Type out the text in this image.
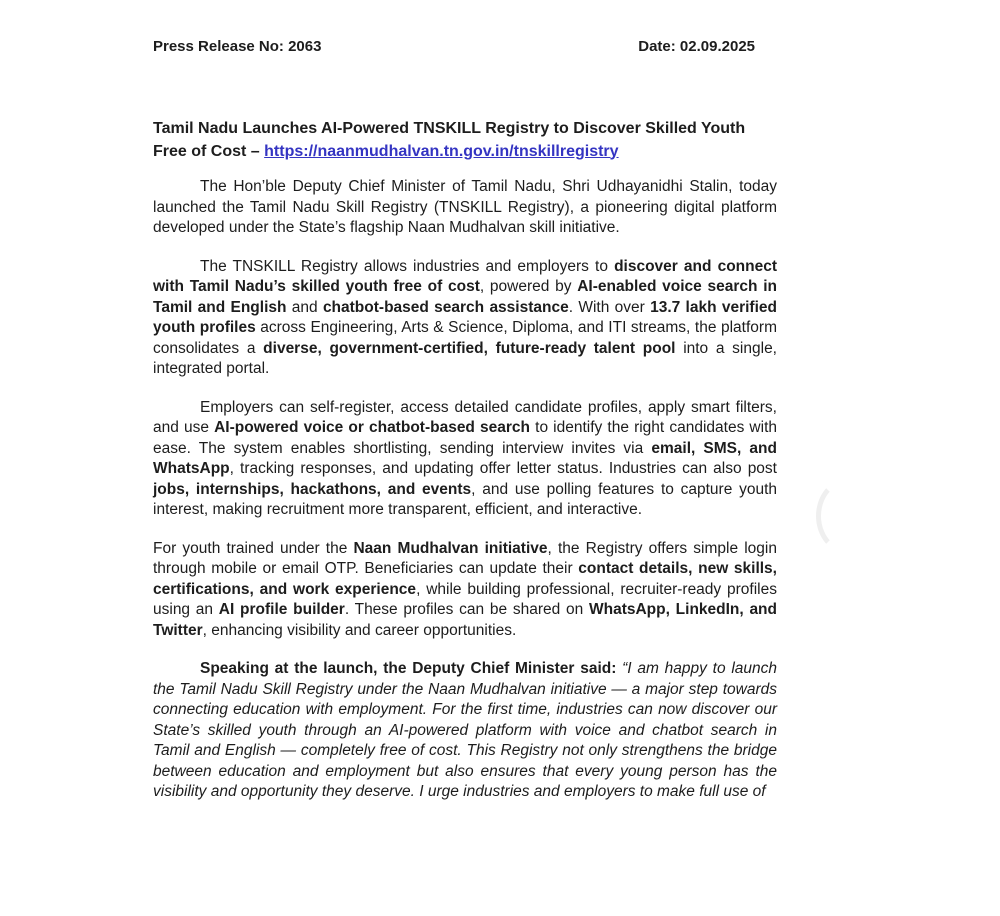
Press Release No: 2063	Date: 02.09.2025
Tamil Nadu Launches AI-Powered TNSKILL Registry to Discover Skilled Youth Free of Cost – https://naanmudhalvan.tn.gov.in/tnskillregistry

The Hon’ble Deputy Chief Minister of Tamil Nadu, Shri Udhayanidhi Stalin, today launched the Tamil Nadu Skill Registry (TNSKILL Registry), a pioneering digital platform developed under the State’s flagship Naan Mudhalvan skill initiative.

The TNSKILL Registry allows industries and employers to discover and connect with Tamil Nadu’s skilled youth free of cost, powered by AI-enabled voice search in Tamil and English and chatbot-based search assistance. With over 13.7 lakh verified youth profiles across Engineering, Arts & Science, Diploma, and ITI streams, the platform consolidates a diverse, government-certified, future-ready talent pool into a single, integrated portal.

Employers can self-register, access detailed candidate profiles, apply smart filters, and use AI-powered voice or chatbot-based search to identify the right candidates with ease. The system enables shortlisting, sending interview invites via email, SMS, and WhatsApp, tracking responses, and updating offer letter status. Industries can also post jobs, internships, hackathons, and events, and use polling features to capture youth interest, making recruitment more transparent, efficient, and interactive.

For youth trained under the Naan Mudhalvan initiative, the Registry offers simple login through mobile or email OTP. Beneficiaries can update their contact details, new skills, certifications, and work experience, while building professional, recruiter-ready profiles using an AI profile builder. These profiles can be shared on WhatsApp, LinkedIn, and Twitter, enhancing visibility and career opportunities.

Speaking at the launch, the Deputy Chief Minister said: “I am happy to launch the Tamil Nadu Skill Registry under the Naan Mudhalvan initiative — a major step towards connecting education with employment. For the first time, industries can now discover our State’s skilled youth through an AI-powered platform with voice and chatbot search in Tamil and English — completely free of cost. This Registry not only strengthens the bridge between education and employment but also ensures that every young person has the visibility and opportunity they deserve. I urge industries and employers to make full use of
